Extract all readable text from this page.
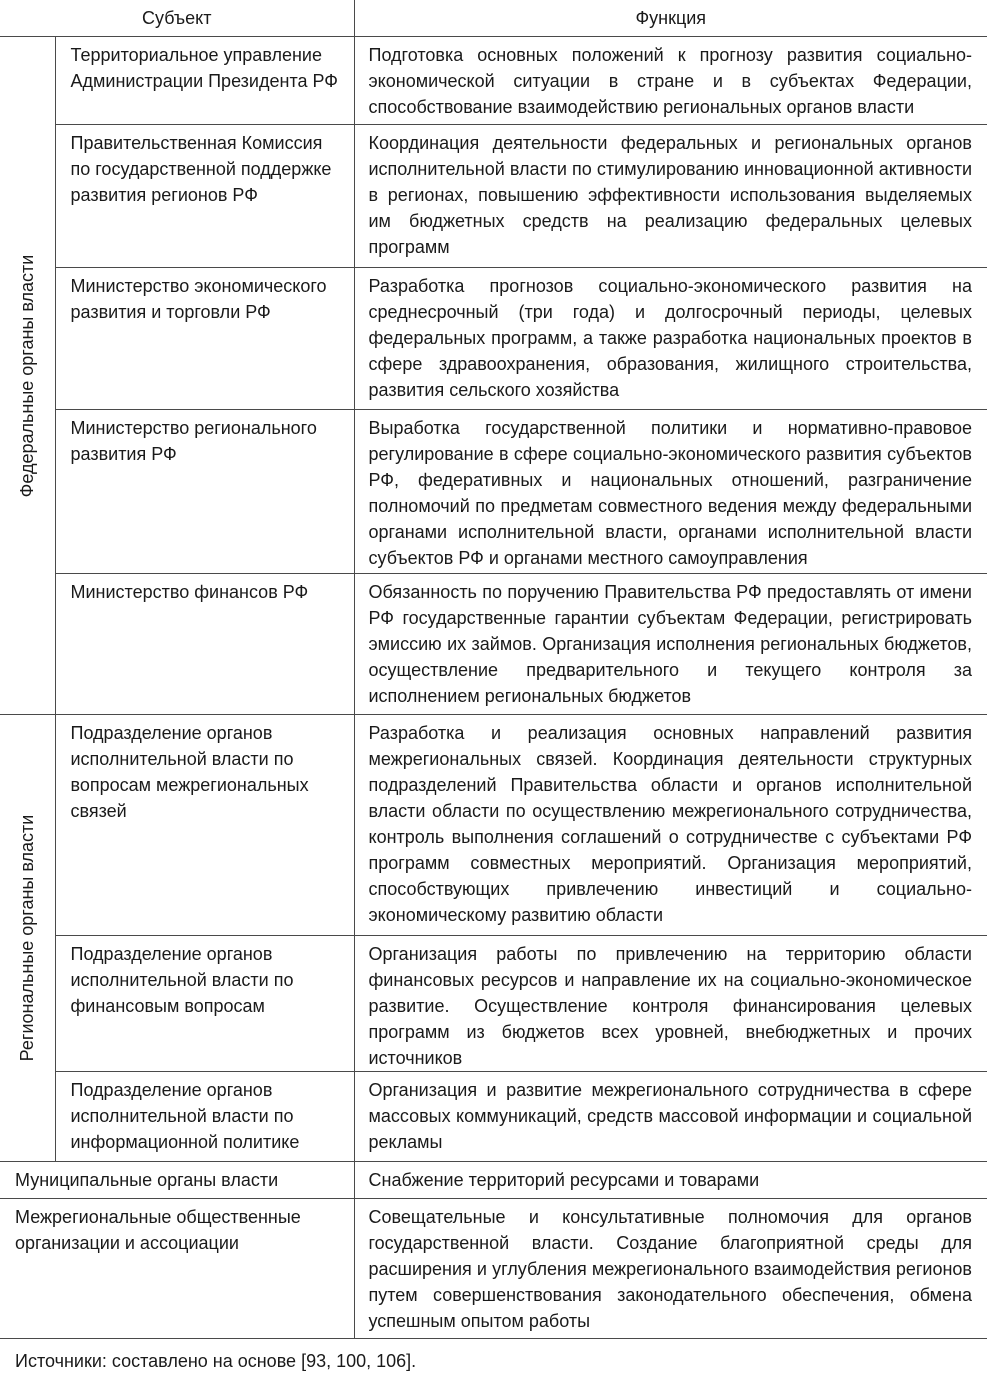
Субъект		Функция

Федеральные органы власти	Территориальное управление Администрации Президента РФ	Подготовка основных положений к прогнозу развития социально-экономической ситуации в стране и в субъектах Федерации, способствование взаимодействию региональных органов власти
	Правительственная Комиссия по государственной поддержке развития регионов РФ	Координация деятельности федеральных и региональных органов исполнительной власти по стимулированию инновационной активности в регионах, повышению эффективности использования выделяемых им бюджетных средств на реализацию федеральных целевых программ
	Министерство экономического развития и торговли РФ	Разработка прогнозов социально-экономического развития на среднесрочный (три года) и долгосрочный периоды, целевых федеральных программ, а также разработка национальных проектов в сфере здравоохранения, образования, жилищного строительства, развития сельского хозяйства
	Министерство регионального развития РФ	Выработка государственной политики и нормативно-правовое регулирование в сфере социально-экономического развития субъектов РФ, федеративных и национальных отношений, разграничение полномочий по предметам совместного ведения между федеральными органами исполнительной власти, органами исполнительной власти субъектов РФ и органами местного самоуправления
	Министерство финансов РФ	Обязанность по поручению Правительства РФ предоставлять от имени РФ государственные гарантии субъектам Федерации, регистрировать эмиссию их займов. Организация исполнения региональных бюджетов, осуществление предварительного и текущего контроля за исполнением региональных бюджетов

Региональные органы власти	Подразделение органов исполнительной власти по вопросам межрегиональных связей	Разработка и реализация основных направлений развития межрегиональных связей. Координация деятельности структурных подразделений Правительства области и органов исполнительной власти области по осуществлению межрегионального сотрудничества, контроль выполнения соглашений о сотрудничестве с субъектами РФ программ совместных мероприятий. Организация мероприятий, способствующих привлечению инвестиций и социально-экономическому развитию области
	Подразделение органов исполнительной власти по финансовым вопросам	Организация работы по привлечению на территорию области финансовых ресурсов и направление их на социально-экономическое развитие. Осуществление контроля финансирования целевых программ из бюджетов всех уровней, внебюджетных и прочих источников
	Подразделение органов исполнительной власти по информационной политике	Организация и развитие межрегионального сотрудничества в сфере массовых коммуникаций, средств массовой информации и социальной рекламы
Муниципальные органы власти		Снабжение территорий ресурсами и товарами
Межрегиональные общественные организации и ассоциации		Совещательные и консультативные полномочия для органов государственной власти. Создание благоприятной среды для расширения и углубления межрегионального взаимодействия регионов путем совершенствования законодательного обеспечения, обмена успешным опытом работы
Источники: составлено на основе [93, 100, 106].		
